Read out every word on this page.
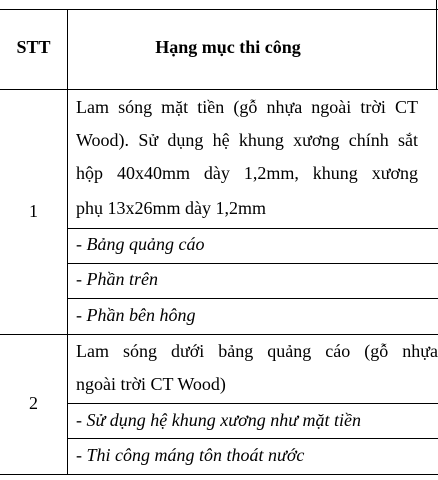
STT	Hạng mục thi công
1
Lam sóng mặt tiền (gỗ nhựa ngoài trời CT
Wood). Sử dụng hệ khung xương chính sắt
hộp 40x40mm dày 1,2mm, khung xương
phụ 13x26mm dày 1,2mm
- Bảng quảng cáo
- Phần trên
- Phần bên hông
2
Lam sóng dưới bảng quảng cáo (gỗ nhựa
ngoài trời CT Wood)
- Sử dụng hệ khung xương như mặt tiền
- Thi công máng tôn thoát nước
